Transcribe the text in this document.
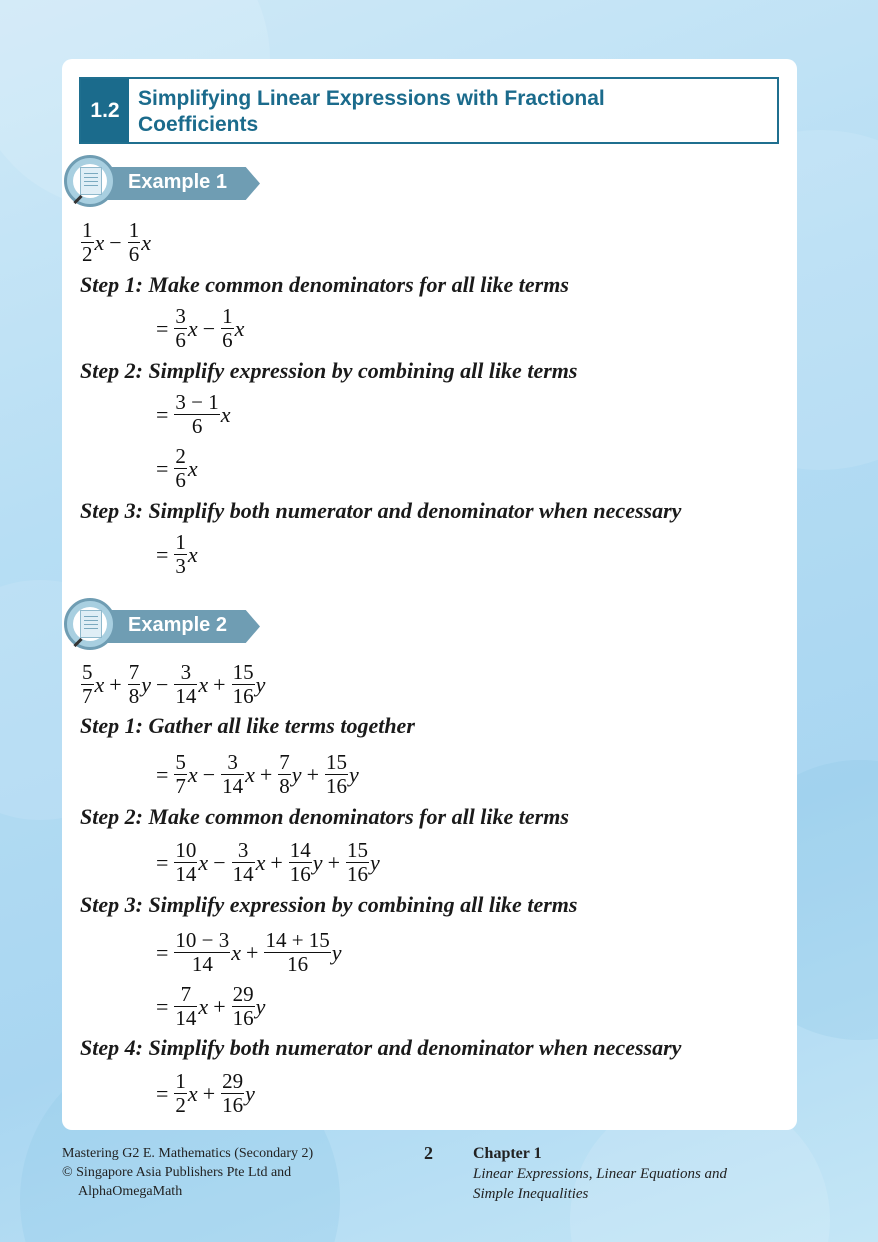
1.2 Simplifying Linear Expressions with Fractional
Coefficients
Example 1
$\frac{1}{2}$ $x - \frac{1}{6}$ x
Step 1: Make common denominators for all like terms
= $\frac{3}{6}$ $x - \frac{1}{6}$ x
Step 2: Simplify expression by combining all like terms
= $\frac{3 - 1}{6}$ x
= $\frac{2}{6}$ x
Step 3: Simplify both numerator and denominator when necessary
= $\frac{1}{3}$ x
Example 2
$\frac{5}{7}$ $x + \frac{7}{8}$ $y - \frac{3}{14}$ $x + \frac{15}{16}$ y
Step 1: Gather all like terms together
= $\frac{5}{7}$ $x - \frac{3}{14}$ $x + \frac{7}{8}$ $y + \frac{15}{16}$ y
Step 2: Make common denominators for all like terms
= $\frac{10}{14}$ $x - \frac{3}{14}$ $x + \frac{14}{16}$ $y + \frac{15}{16}$ y
Step 3: Simplify expression by combining all like terms
= $\frac{10 - 3}{14}$ $x + \frac{14 + 15}{16}$ y
= $\frac{7}{14}$ $x + \frac{29}{16}$ y
Step 4: Simplify both numerator and denominator when necessary
= $\frac{1}{2}$ $x + \frac{29}{16}$ y
Mastering G2 E. Mathematics (Secondary 2)
© Singapore Asia Publishers Pte Ltd and
AlphaOmegaMath
2	Chapter 1
Linear Expressions, Linear Equations and
Simple Inequalities
